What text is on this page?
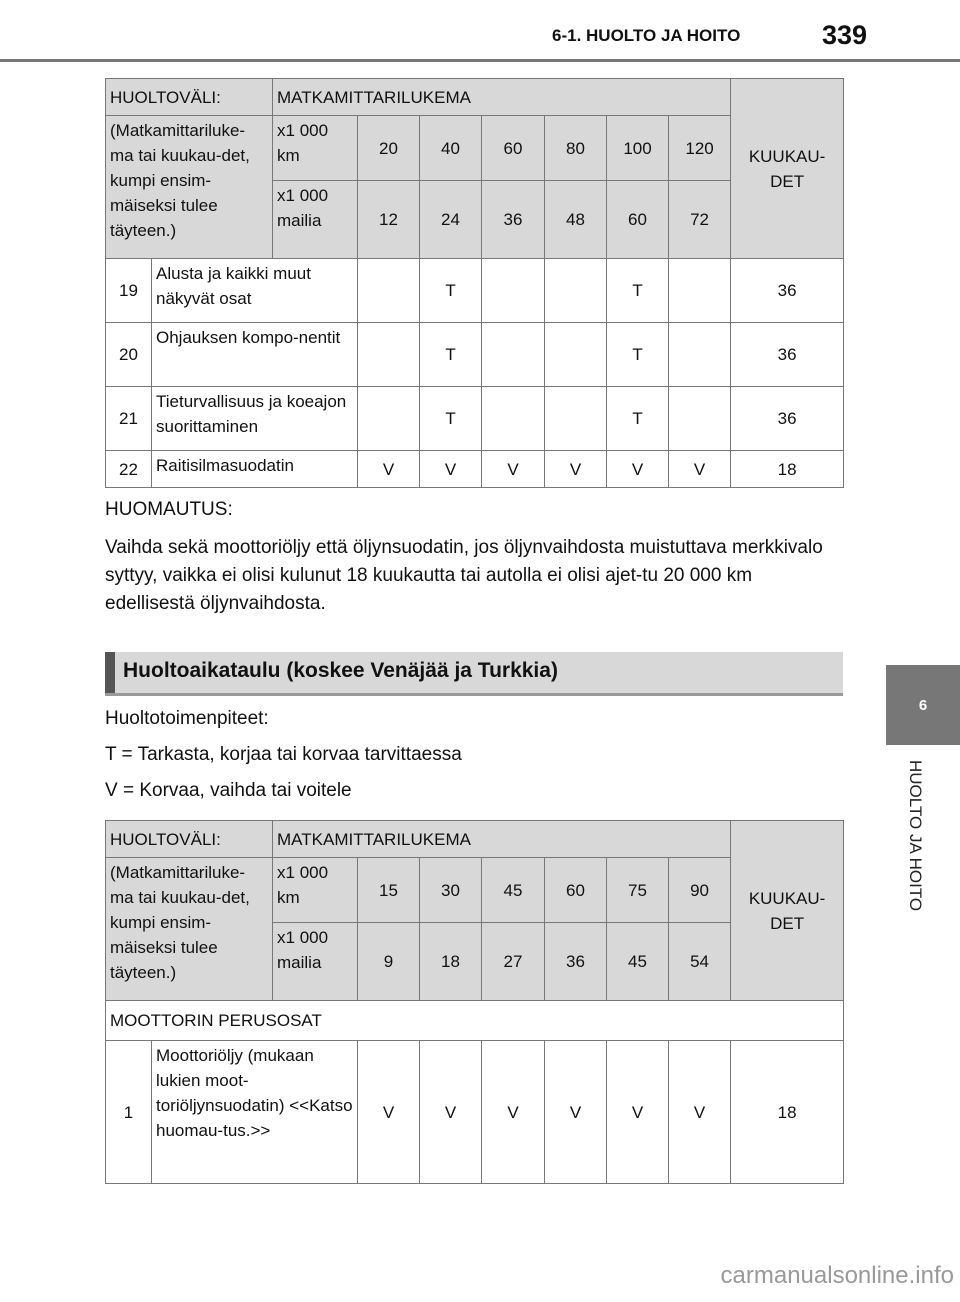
6-1. HUOLTO JA HOITO	339
6
HUOLTO JA HOITO
HUOLTOVÄLI:		MATKAMITTARILUKEMA							KUUKAU-DET
(Matkamittariluke-ma tai kuukau-det, kumpi ensim-mäiseksi tulee täyteen.)		x1 000 km	20	40	60	80	100	120	
		x1 000 mailia	12	24	36	48	60	72	
19	Alusta ja kaikki muut näkyvät osat			T			T		36
20	Ohjauksen kompo-nentit			T			T		36
21	Tieturvallisuus ja koeajon suorittaminen			T			T		36
22	Raitisilmasuodatin		V	V	V	V	V	V	18

HUOMAUTUS:

Vaihda sekä moottoriöljy että öljynsuodatin, jos öljynvaihdosta muistuttava merkkivalo syttyy, vaikka ei olisi kulunut 18 kuukautta tai autolla ei olisi ajet-tu 20 000 km edellisestä öljynvaihdosta.

Huoltoaikataulu (koskee Venäjää ja Turkkia)

Huoltotoimenpiteet:

T = Tarkasta, korjaa tai korvaa tarvittaessa

V = Korvaa, vaihda tai voitele

HUOLTOVÄLI:		MATKAMITTARILUKEMA							KUUKAU-DET
(Matkamittariluke-ma tai kuukau-det, kumpi ensim-mäiseksi tulee täyteen.)		x1 000 km	15	30	45	60	75	90	
		x1 000 mailia	9	18	27	36	45	54	
MOOTTORIN PERUSOSAT									
1	Moottoriöljy (mukaan lukien moot-toriöljynsuodatin) <<Katso huomau-tus.>>		V	V	V	V	V	V	18
carmanualsonline.info
